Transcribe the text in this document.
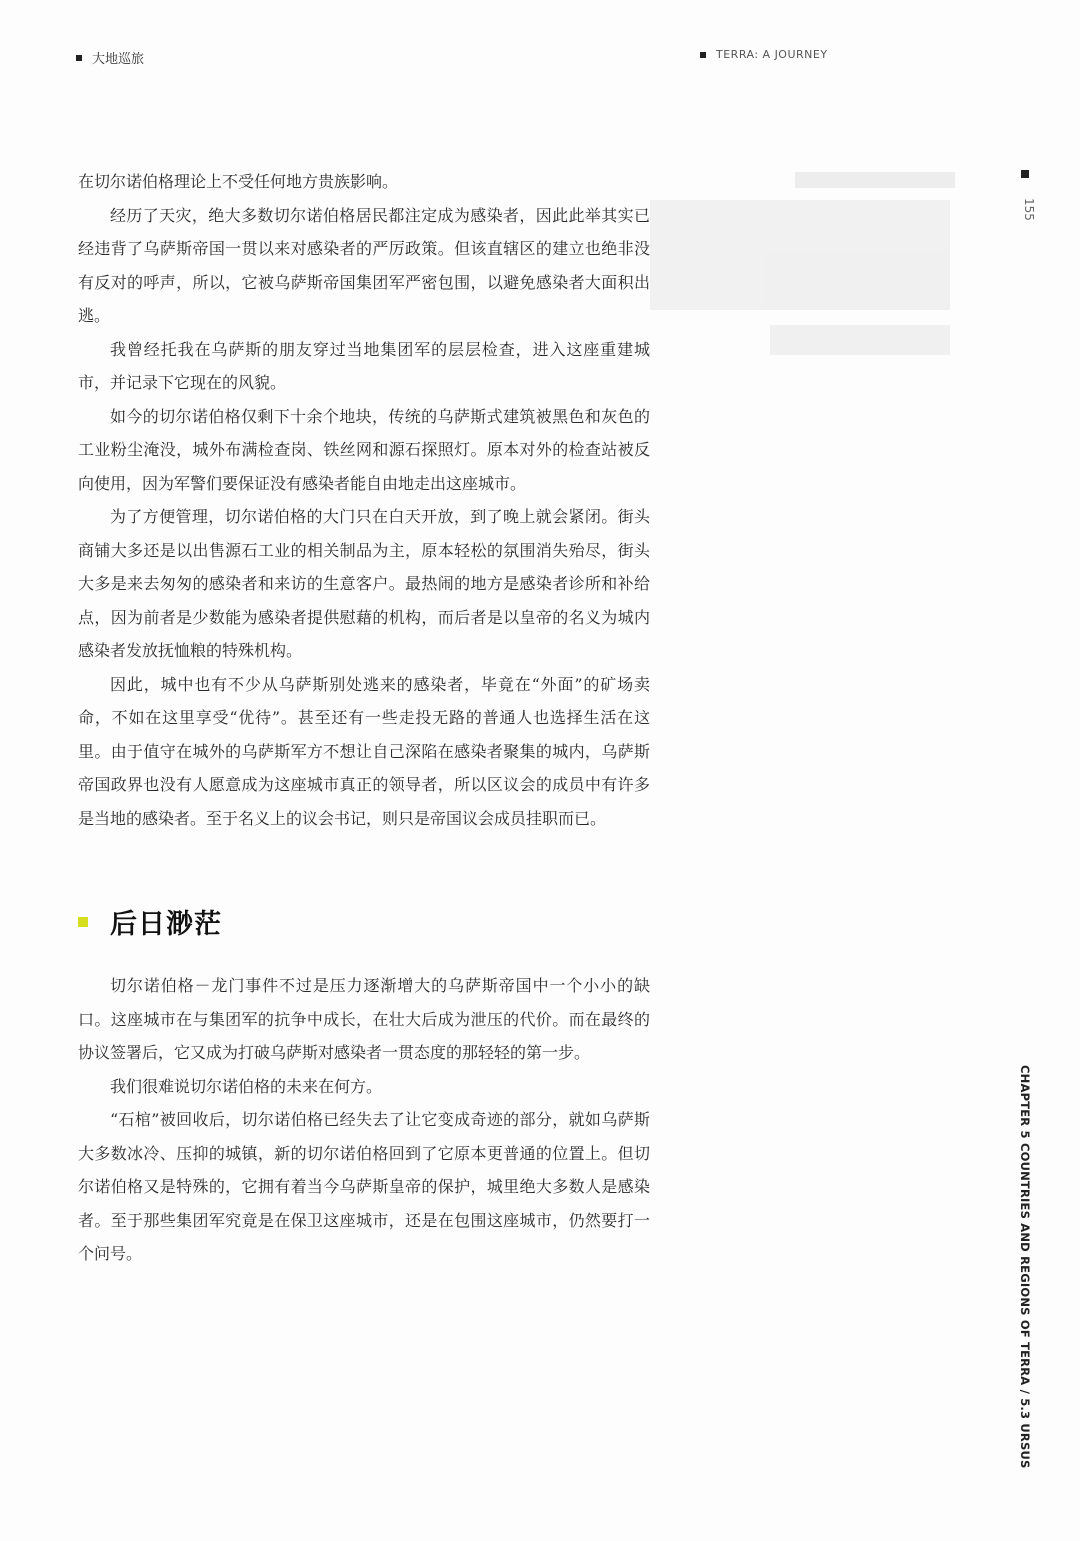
大地巡旅	TERRA: A JOURNEY
155
CHAPTER 5 COUNTRIES AND REGIONS OF TERRA / 5.3 URSUS

在切尔诺伯格理论上不受任何地方贵族影响。

经历了天灾，绝大多数切尔诺伯格居民都注定成为感染者，因此此举其实已经违背了乌萨斯帝国一贯以来对感染者的严厉政策。但该直辖区的建立也绝非没有反对的呼声，所以，它被乌萨斯帝国集团军严密包围，以避免感染者大面积出逃。

我曾经托我在乌萨斯的朋友穿过当地集团军的层层检查，进入这座重建城市，并记录下它现在的风貌。

如今的切尔诺伯格仅剩下十余个地块，传统的乌萨斯式建筑被黑色和灰色的工业粉尘淹没，城外布满检查岗、铁丝网和源石探照灯。原本对外的检查站被反向使用，因为军警们要保证没有感染者能自由地走出这座城市。

为了方便管理，切尔诺伯格的大门只在白天开放，到了晚上就会紧闭。街头商铺大多还是以出售源石工业的相关制品为主，原本轻松的氛围消失殆尽，街头大多是来去匆匆的感染者和来访的生意客户。最热闹的地方是感染者诊所和补给点，因为前者是少数能为感染者提供慰藉的机构，而后者是以皇帝的名义为城内感染者发放抚恤粮的特殊机构。

因此，城中也有不少从乌萨斯别处逃来的感染者，毕竟在“外面”的矿场卖命，不如在这里享受“优待”。甚至还有一些走投无路的普通人也选择生活在这里。由于值守在城外的乌萨斯军方不想让自己深陷在感染者聚集的城内，乌萨斯帝国政界也没有人愿意成为这座城市真正的领导者，所以区议会的成员中有许多是当地的感染者。至于名义上的议会书记，则只是帝国议会成员挂职而已。

后日渺茫

切尔诺伯格－龙门事件不过是压力逐渐增大的乌萨斯帝国中一个小小的缺口。这座城市在与集团军的抗争中成长，在壮大后成为泄压的代价。而在最终的协议签署后，它又成为打破乌萨斯对感染者一贯态度的那轻轻的第一步。

我们很难说切尔诺伯格的未来在何方。

“石棺”被回收后，切尔诺伯格已经失去了让它变成奇迹的部分，就如乌萨斯大多数冰冷、压抑的城镇，新的切尔诺伯格回到了它原本更普通的位置上。但切尔诺伯格又是特殊的，它拥有着当今乌萨斯皇帝的保护，城里绝大多数人是感染者。至于那些集团军究竟是在保卫这座城市，还是在包围这座城市，仍然要打一个问号。
